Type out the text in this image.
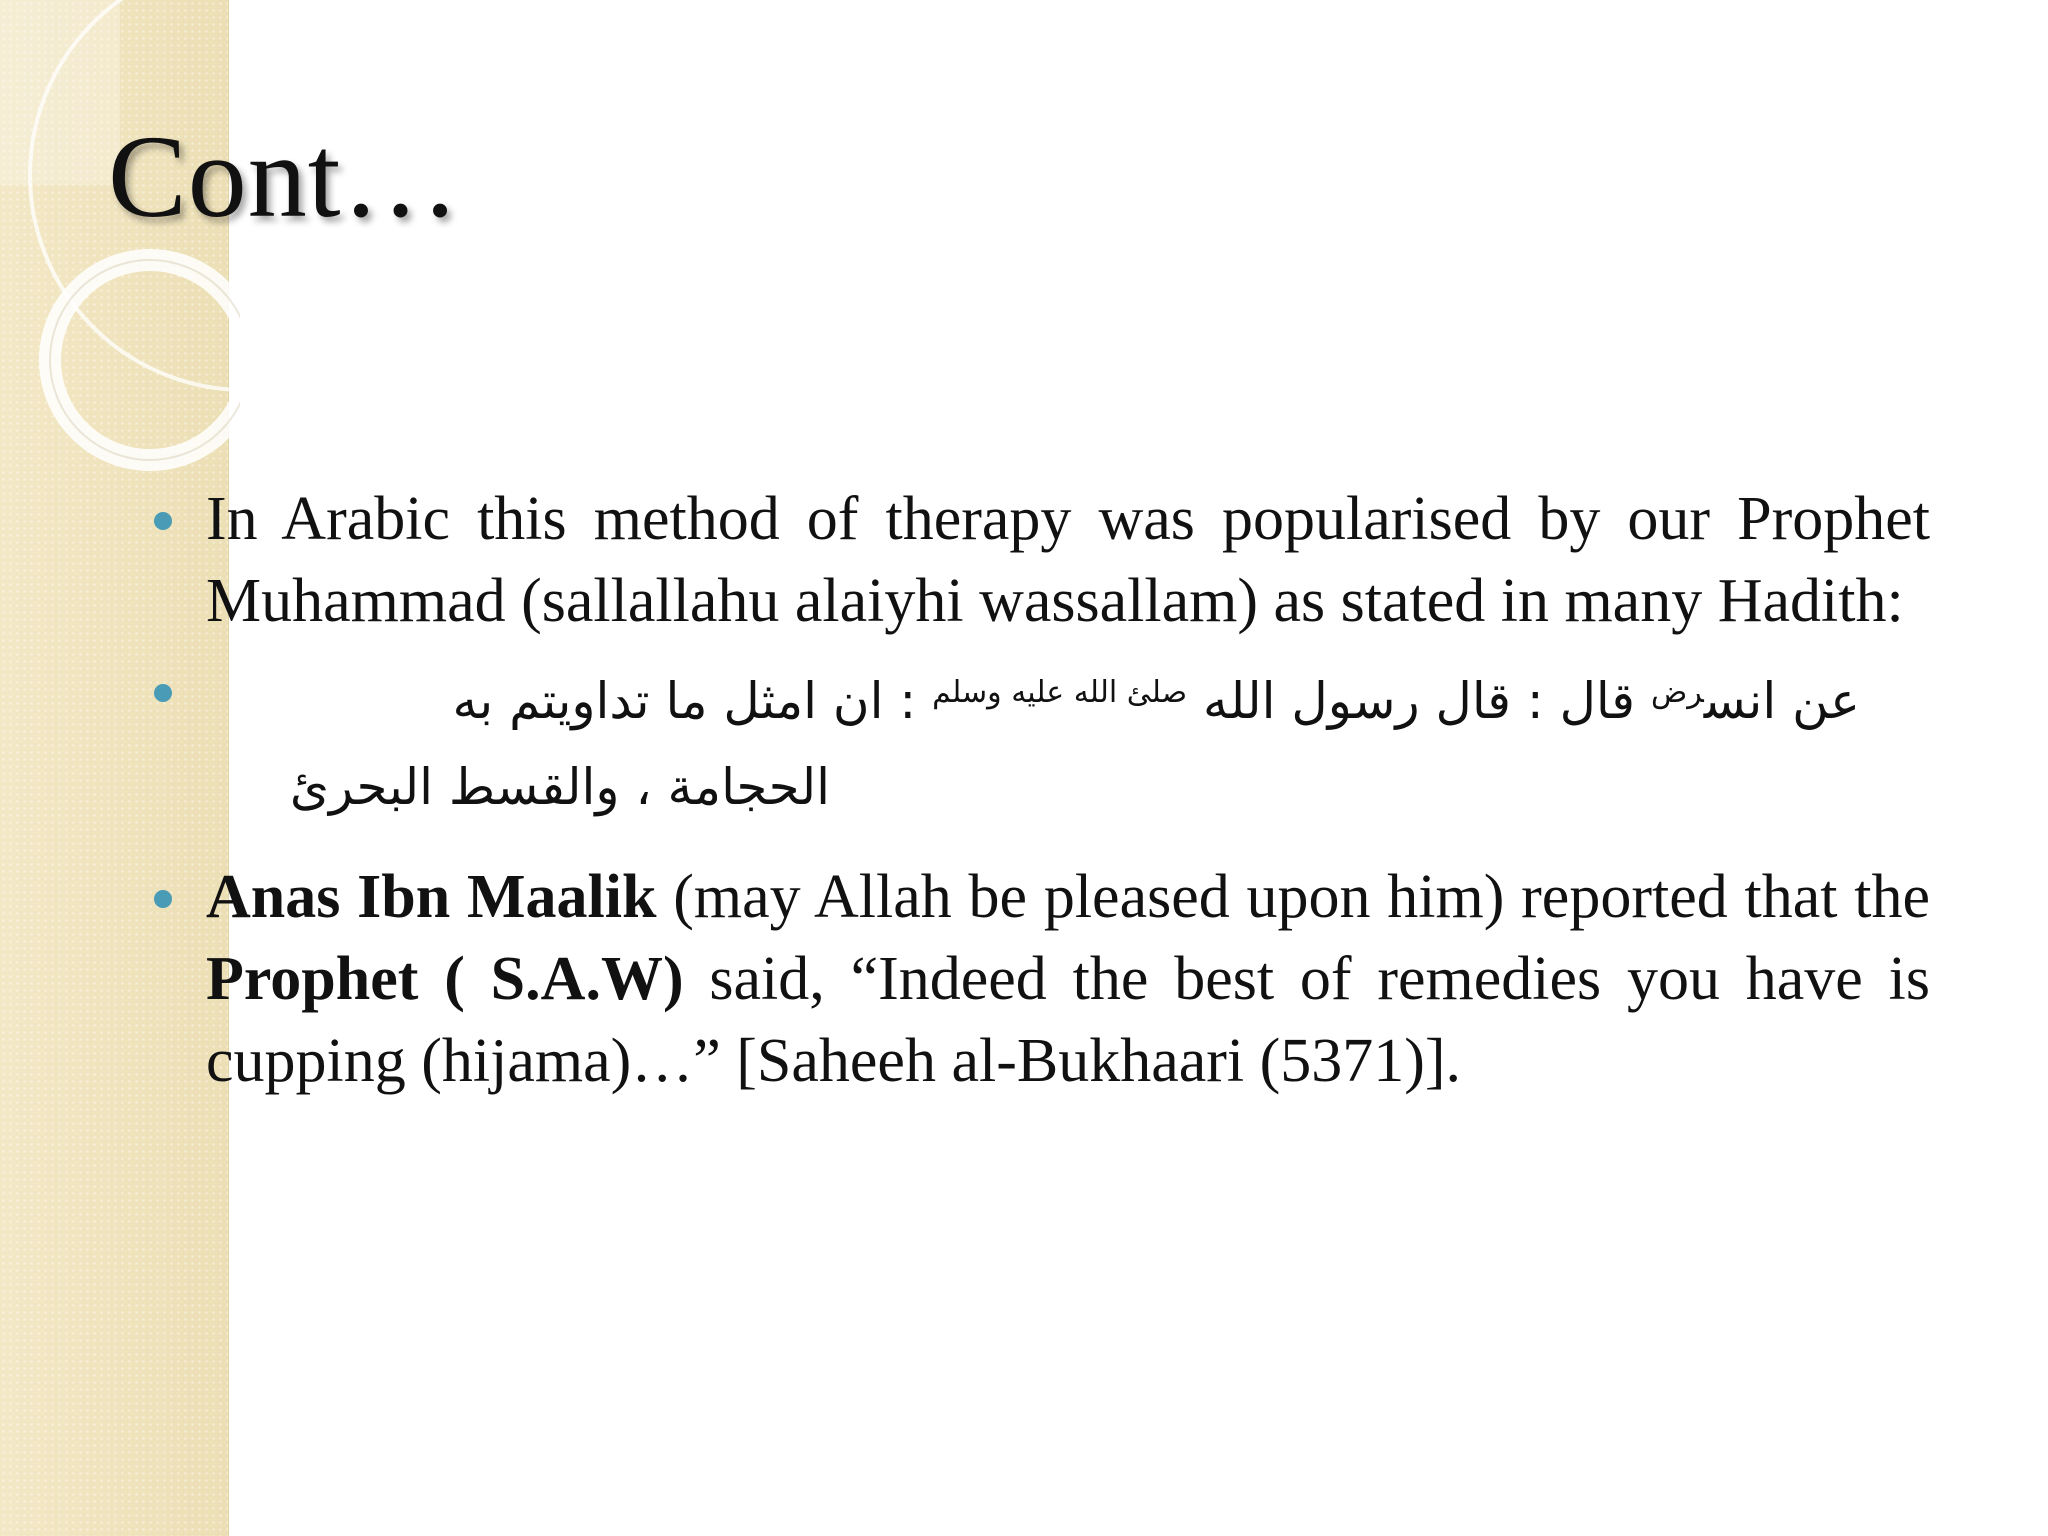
Cont…
In Arabic this method of therapy was popularised by our Prophet Muhammad (sallallahu alaiyhi wassallam) as stated in many Hadith:
عن انس$^{رض}$ قال : قال رسول الله $^{صلئ الله عليه وسلم}$ : ان امثل ما تداويتم به
الحجامة ، والقسط البحرئ
Anas Ibn Maalik (may Allah be pleased upon him) reported that the Prophet ( S.A.W) said, “Indeed the best of remedies you have is cupping (hijama)…” [Saheeh al-Bukhaari (5371)].
